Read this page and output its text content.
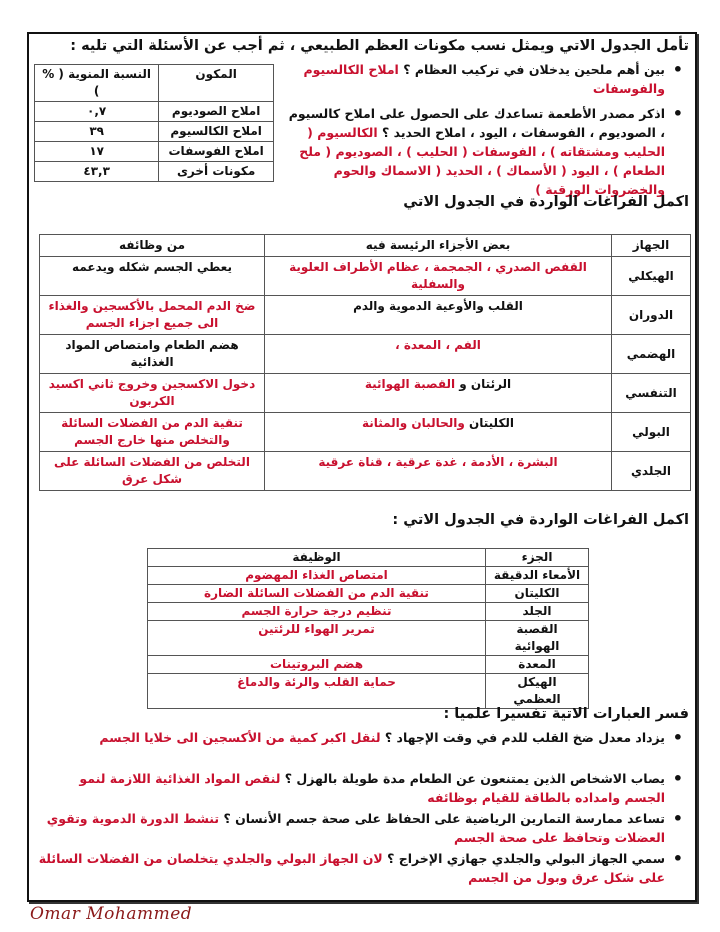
تأمل الجدول الاتي ويمثل نسب مكونات العظم الطبيعي ، ثم أجب عن الأسئلة التي تليه :
المكون	النسبة المنوية ( % )
املاح الصوديوم	٠,٧
املاح الكالسيوم	٣٩
املاح الفوسفات	١٧
مكونات أخرى	٤٣,٣
• بين أهم ملحين يدخلان في تركيب العظام ؟ املاح الكالسيوم والفوسفات
• اذكر مصدر الأطعمة تساعدك على الحصول على املاح كالسيوم ، الصوديوم ، الفوسفات ، اليود ، املاح الحديد ؟ الكالسيوم ( الحليب ومشتقاته ) ، الفوسفات ( الحليب ) ، الصوديوم ( ملح الطعام ) ، اليود ( الأسماك ) ، الحديد ( الاسماك والحوم والخضروات الورقية )
اكمل الفراغات الواردة في الجدول الاتي
الجهاز	بعض الأجزاء الرئيسة فيه	من وظائفه
الهيكلي	القفص الصدري ، الجمجمة ، عظام الأطراف العلوية والسفلية	يعطي الجسم شكله ويدعمه
الدوران	القلب والأوعية الدموية والدم	ضخ الدم المحمل بالأكسجين والغذاء الى جميع اجزاء الجسم
الهضمي	الفم ، المعدة ،	هضم الطعام وامتصاص المواد الغذائية
التنفسي	الرئتان و القصبة الهوائية	دخول الاكسجين وخروج ثاني اكسيد الكربون
البولي	الكليتان والحالبان والمثانة	تنقية الدم من الفضلات السائلة والتخلص منها خارج الجسم
الجلدي	البشرة ، الأدمة ، غدة عرقية ، قناة عرقية	التخلص من الفضلات السائلة على شكل عرق
اكمل الفراغات الواردة في الجدول الاتي :
الجزء	الوظيفة
الأمعاء الدقيقة	امتصاص الغذاء المهضوم
الكليتان	تنقية الدم من الفضلات السائلة الضارة
الجلد	تنظيم درجة حرارة الجسم
القصبة الهوائية	تمرير الهواء للرئتين
المعدة	هضم البروتينات
الهيكل العظمي	حماية القلب والرئة والدماغ
فسر العبارات الاتية تفسيرا علميا :
• يزداد معدل ضخ القلب للدم في وقت الإجهاد ؟ لنقل اكبر كمية من الأكسجين الى خلايا الجسم
• يصاب الاشخاص الذين يمتنعون عن الطعام مدة طويلة بالهزل ؟ لنقص المواد الغذائية اللازمة لنمو الجسم وامداده بالطاقة للقيام بوظائفه
• تساعد ممارسة التمارين الرياضية على الحفاظ على صحة جسم الأنسان ؟ تنشط الدورة الدموية وتقوي العضلات وتحافظ على صحة الجسم
• سمي الجهاز البولي والجلدي جهازي الإخراج ؟ لان الجهاز البولي والجلدي يتخلصان من الفضلات السائلة على شكل عرق وبول من الجسم
Omar Mohammed
